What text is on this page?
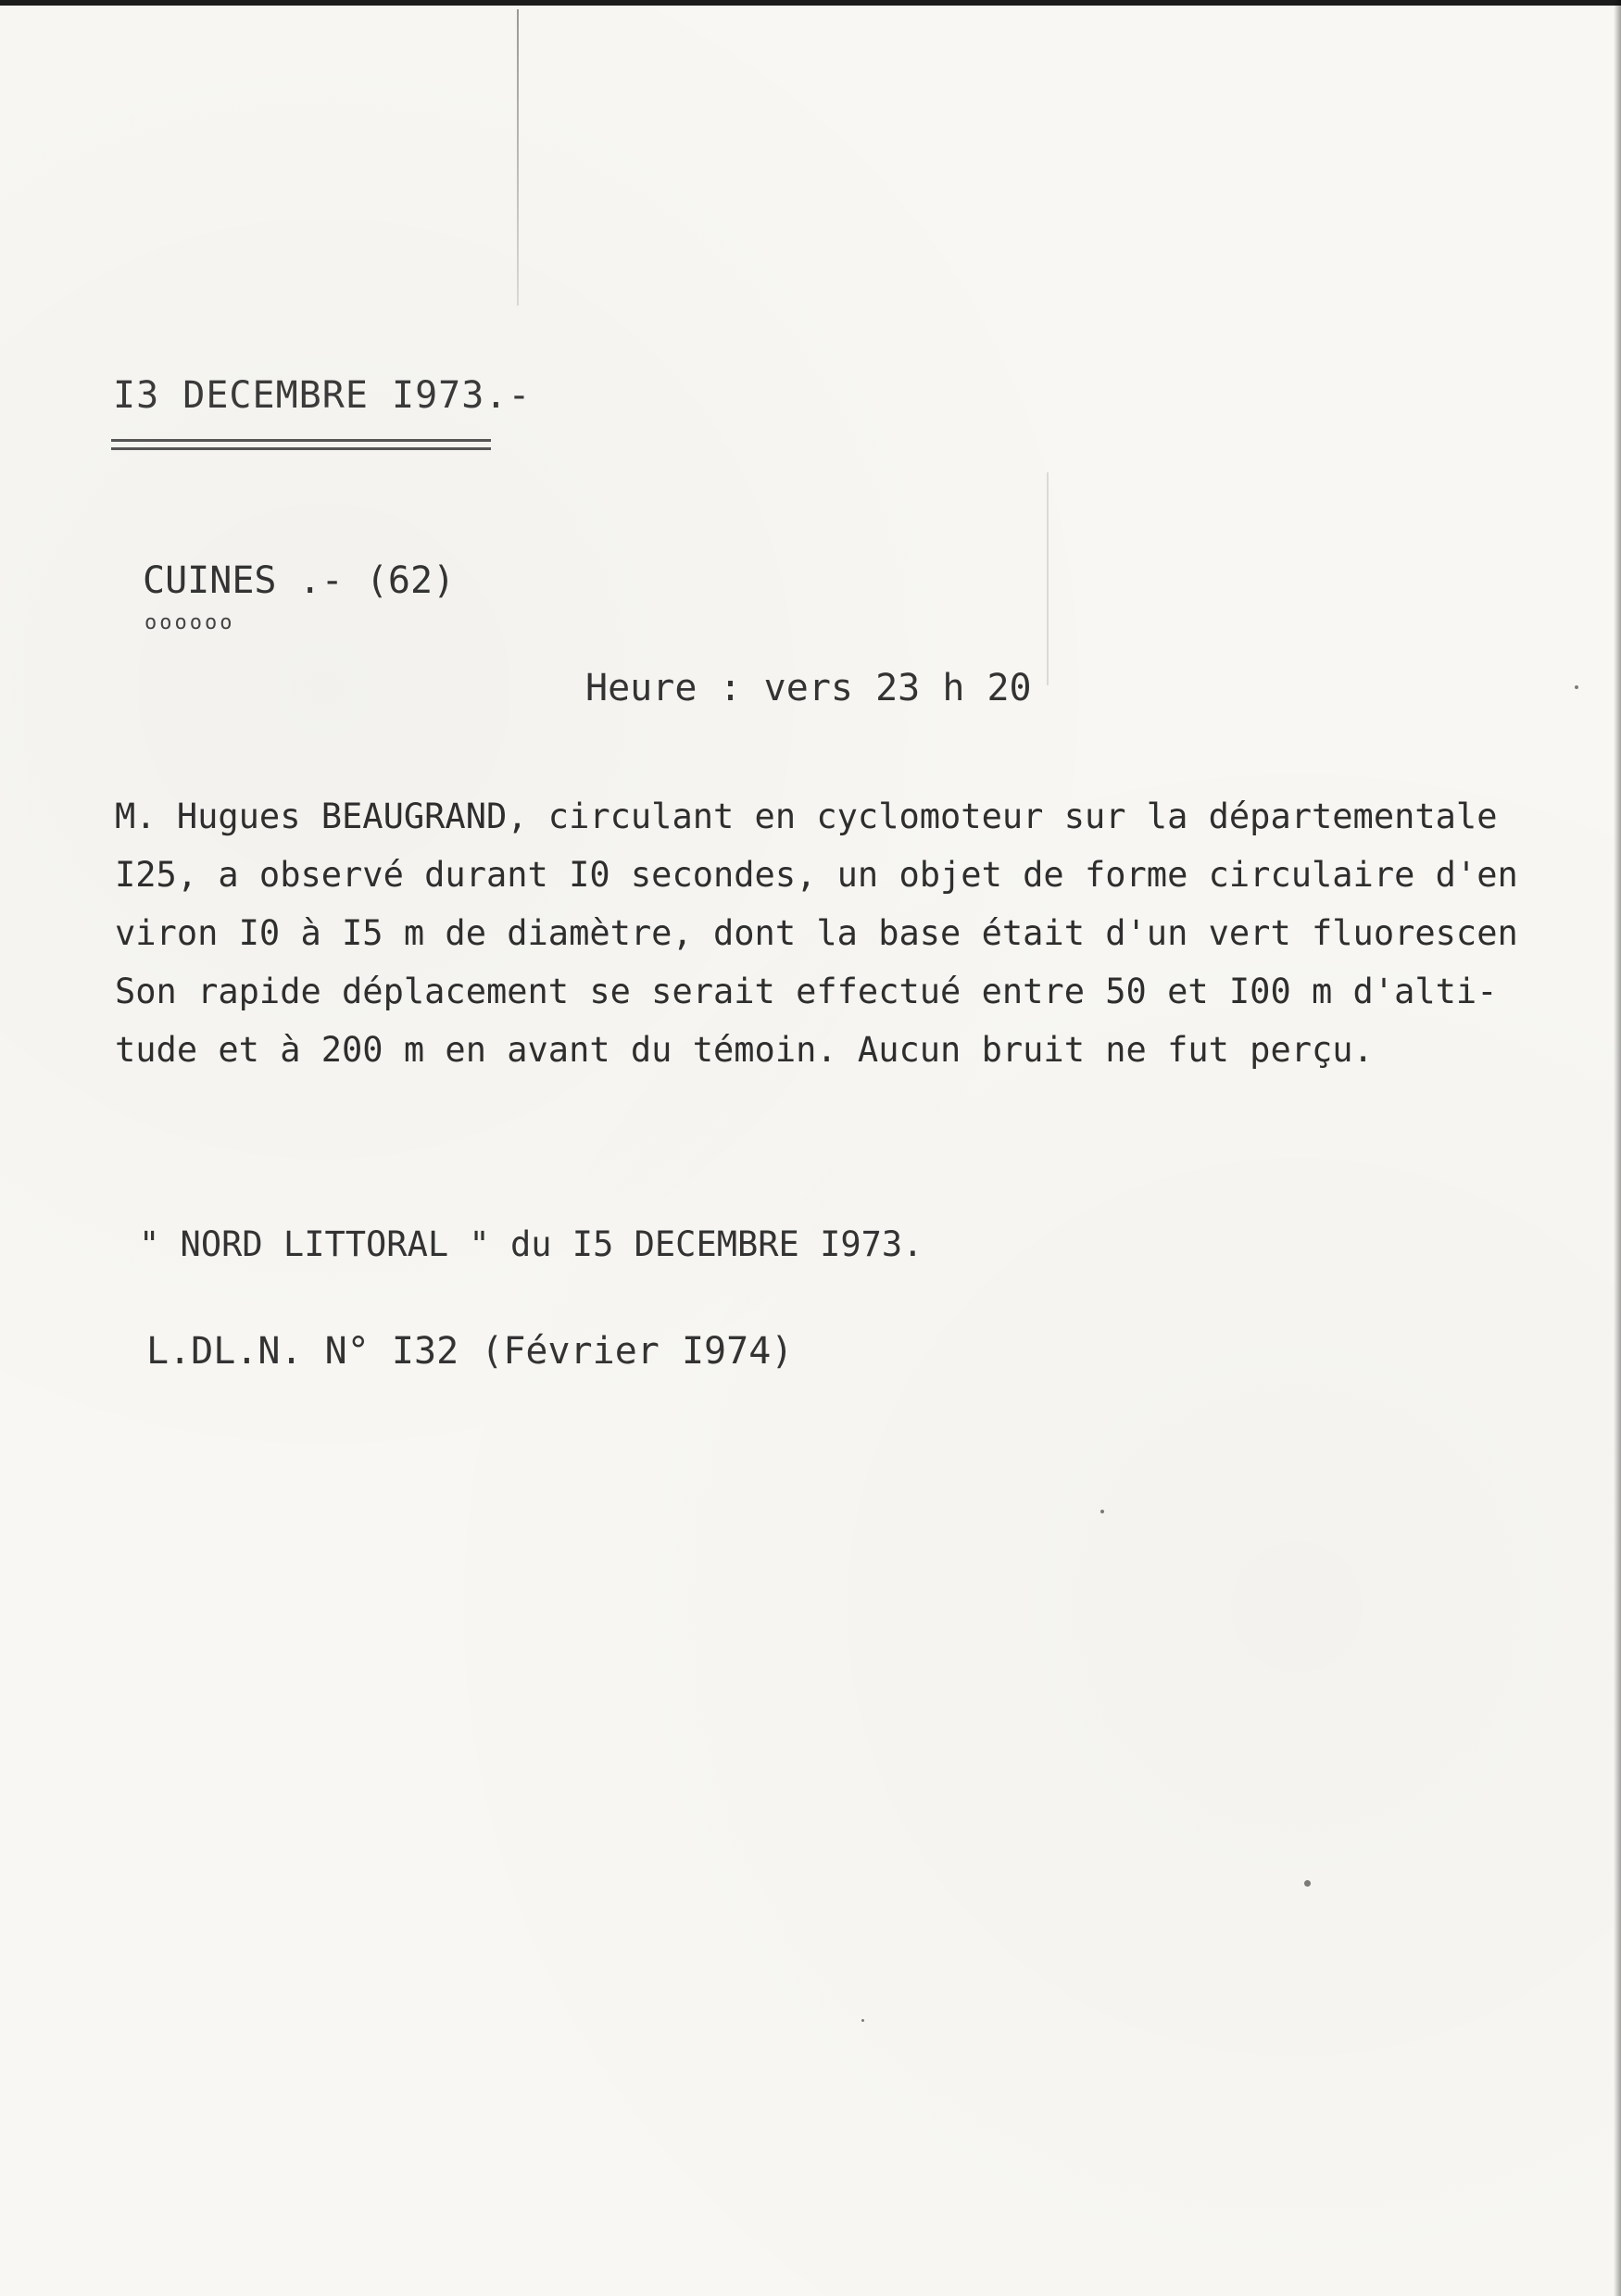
I3 DECEMBRE I973.-
CUINES .- (62)
oooooo
Heure : vers 23 h 20
M. Hugues BEAUGRAND, circulant en cyclomoteur sur la départementale
I25, a observé durant I0 secondes, un objet de forme circulaire d'en
viron I0 à I5 m de diamètre, dont la base était d'un vert fluorescen
Son rapide déplacement se serait effectué entre 50 et I00 m d'alti-
tude et à 200 m en avant du témoin. Aucun bruit ne fut perçu.
" NORD LITTORAL " du I5 DECEMBRE I973.
L.DL.N. N° I32 (Février I974)
